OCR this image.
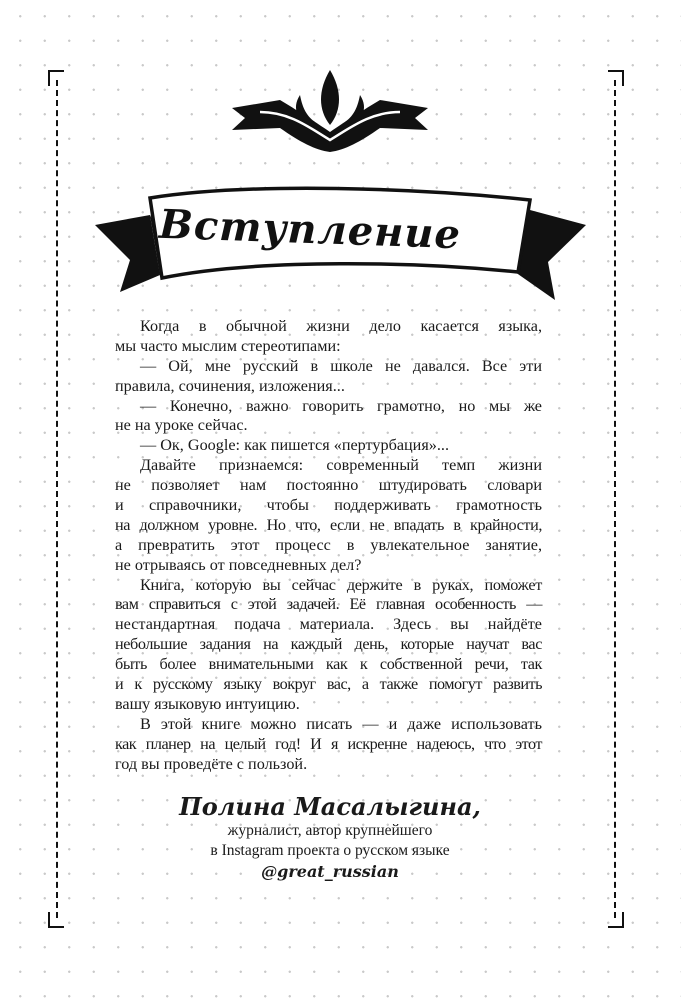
Вступление
Когда в обычной жизни дело касается языка,
мы часто мыслим стереотипами:
— Ой, мне русский в школе не давался. Все эти
правила, сочинения, изложения...
— Конечно, важно говорить грамотно, но мы же
не на уроке сейчас.
— Ок, Google: как пишется «пертурбация»...
Давайте признаемся: современный темп жизни
не позволяет нам постоянно штудировать словари
и справочники, чтобы поддерживать грамотность
на должном уровне. Но что, если не впадать в крайности,
а превратить этот процесс в увлекательное занятие,
не отрываясь от повседневных дел?
Книга, которую вы сейчас держите в руках, поможет
вам справиться с этой задачей. Её главная особенность —
нестандартная подача материала. Здесь вы найдёте
небольшие задания на каждый день, которые научат вас
быть более внимательными как к собственной речи, так
и к русскому языку вокруг вас, а также помогут развить
вашу языковую интуицию.
В этой книге можно писать — и даже использовать
как планер на целый год! И я искренне надеюсь, что этот
год вы проведёте с пользой.
Полина Масалыгина,
журналист, автор крупнейшего
в Instagram проекта о русском языке
@great_russian
